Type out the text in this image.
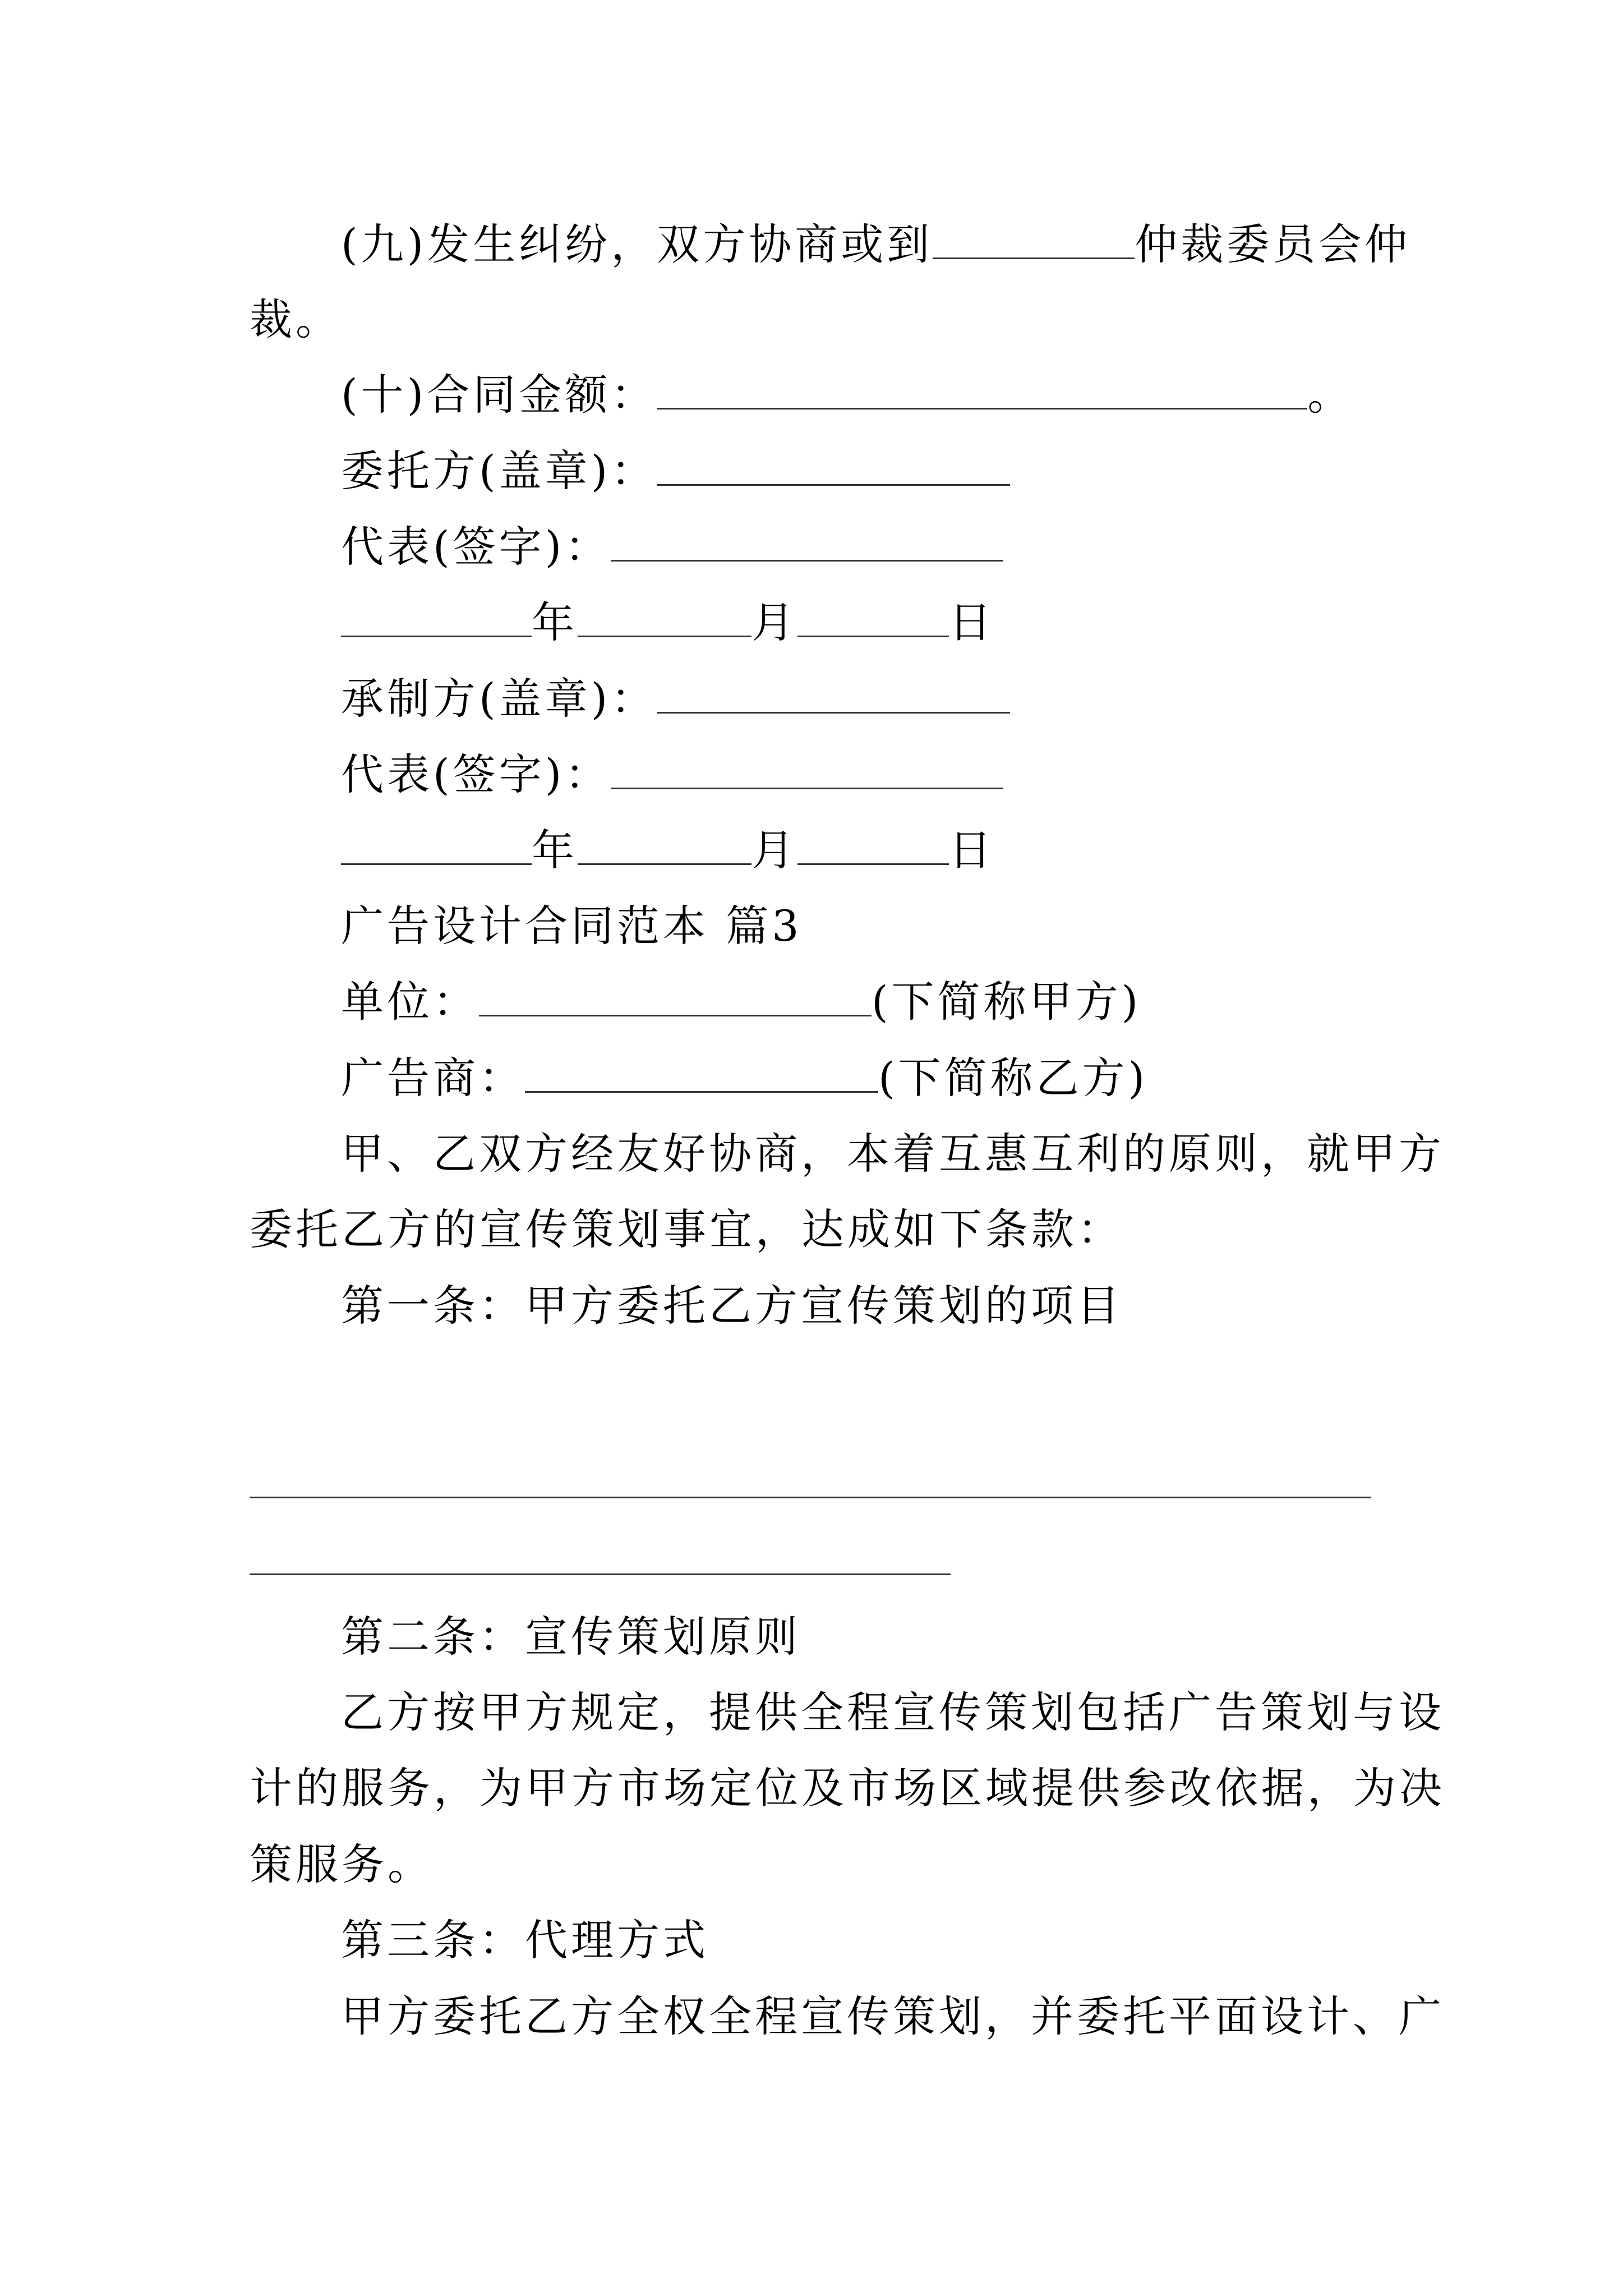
(九)发生纠纷，双方协商或到	仲裁委员会仲
裁。
(十)合同金额：	。
委托方(盖章)：
代表(签字)：
年	月	日
承制方(盖章)：
代表(签字)：
年	月	日
广告设计合同范本 篇3
单位：	(下简称甲方)
广告商：	(下简称乙方)
甲、乙双方经友好协商，本着互惠互利的原则，就甲方
委托乙方的宣传策划事宜，达成如下条款：
第一条：甲方委托乙方宣传策划的项目
第二条：宣传策划原则
乙方按甲方规定，提供全程宣传策划包括广告策划与设
计的服务，为甲方市场定位及市场区域提供参改依据，为决
策服务。
第三条：代理方式
甲方委托乙方全权全程宣传策划，并委托平面设计、广
